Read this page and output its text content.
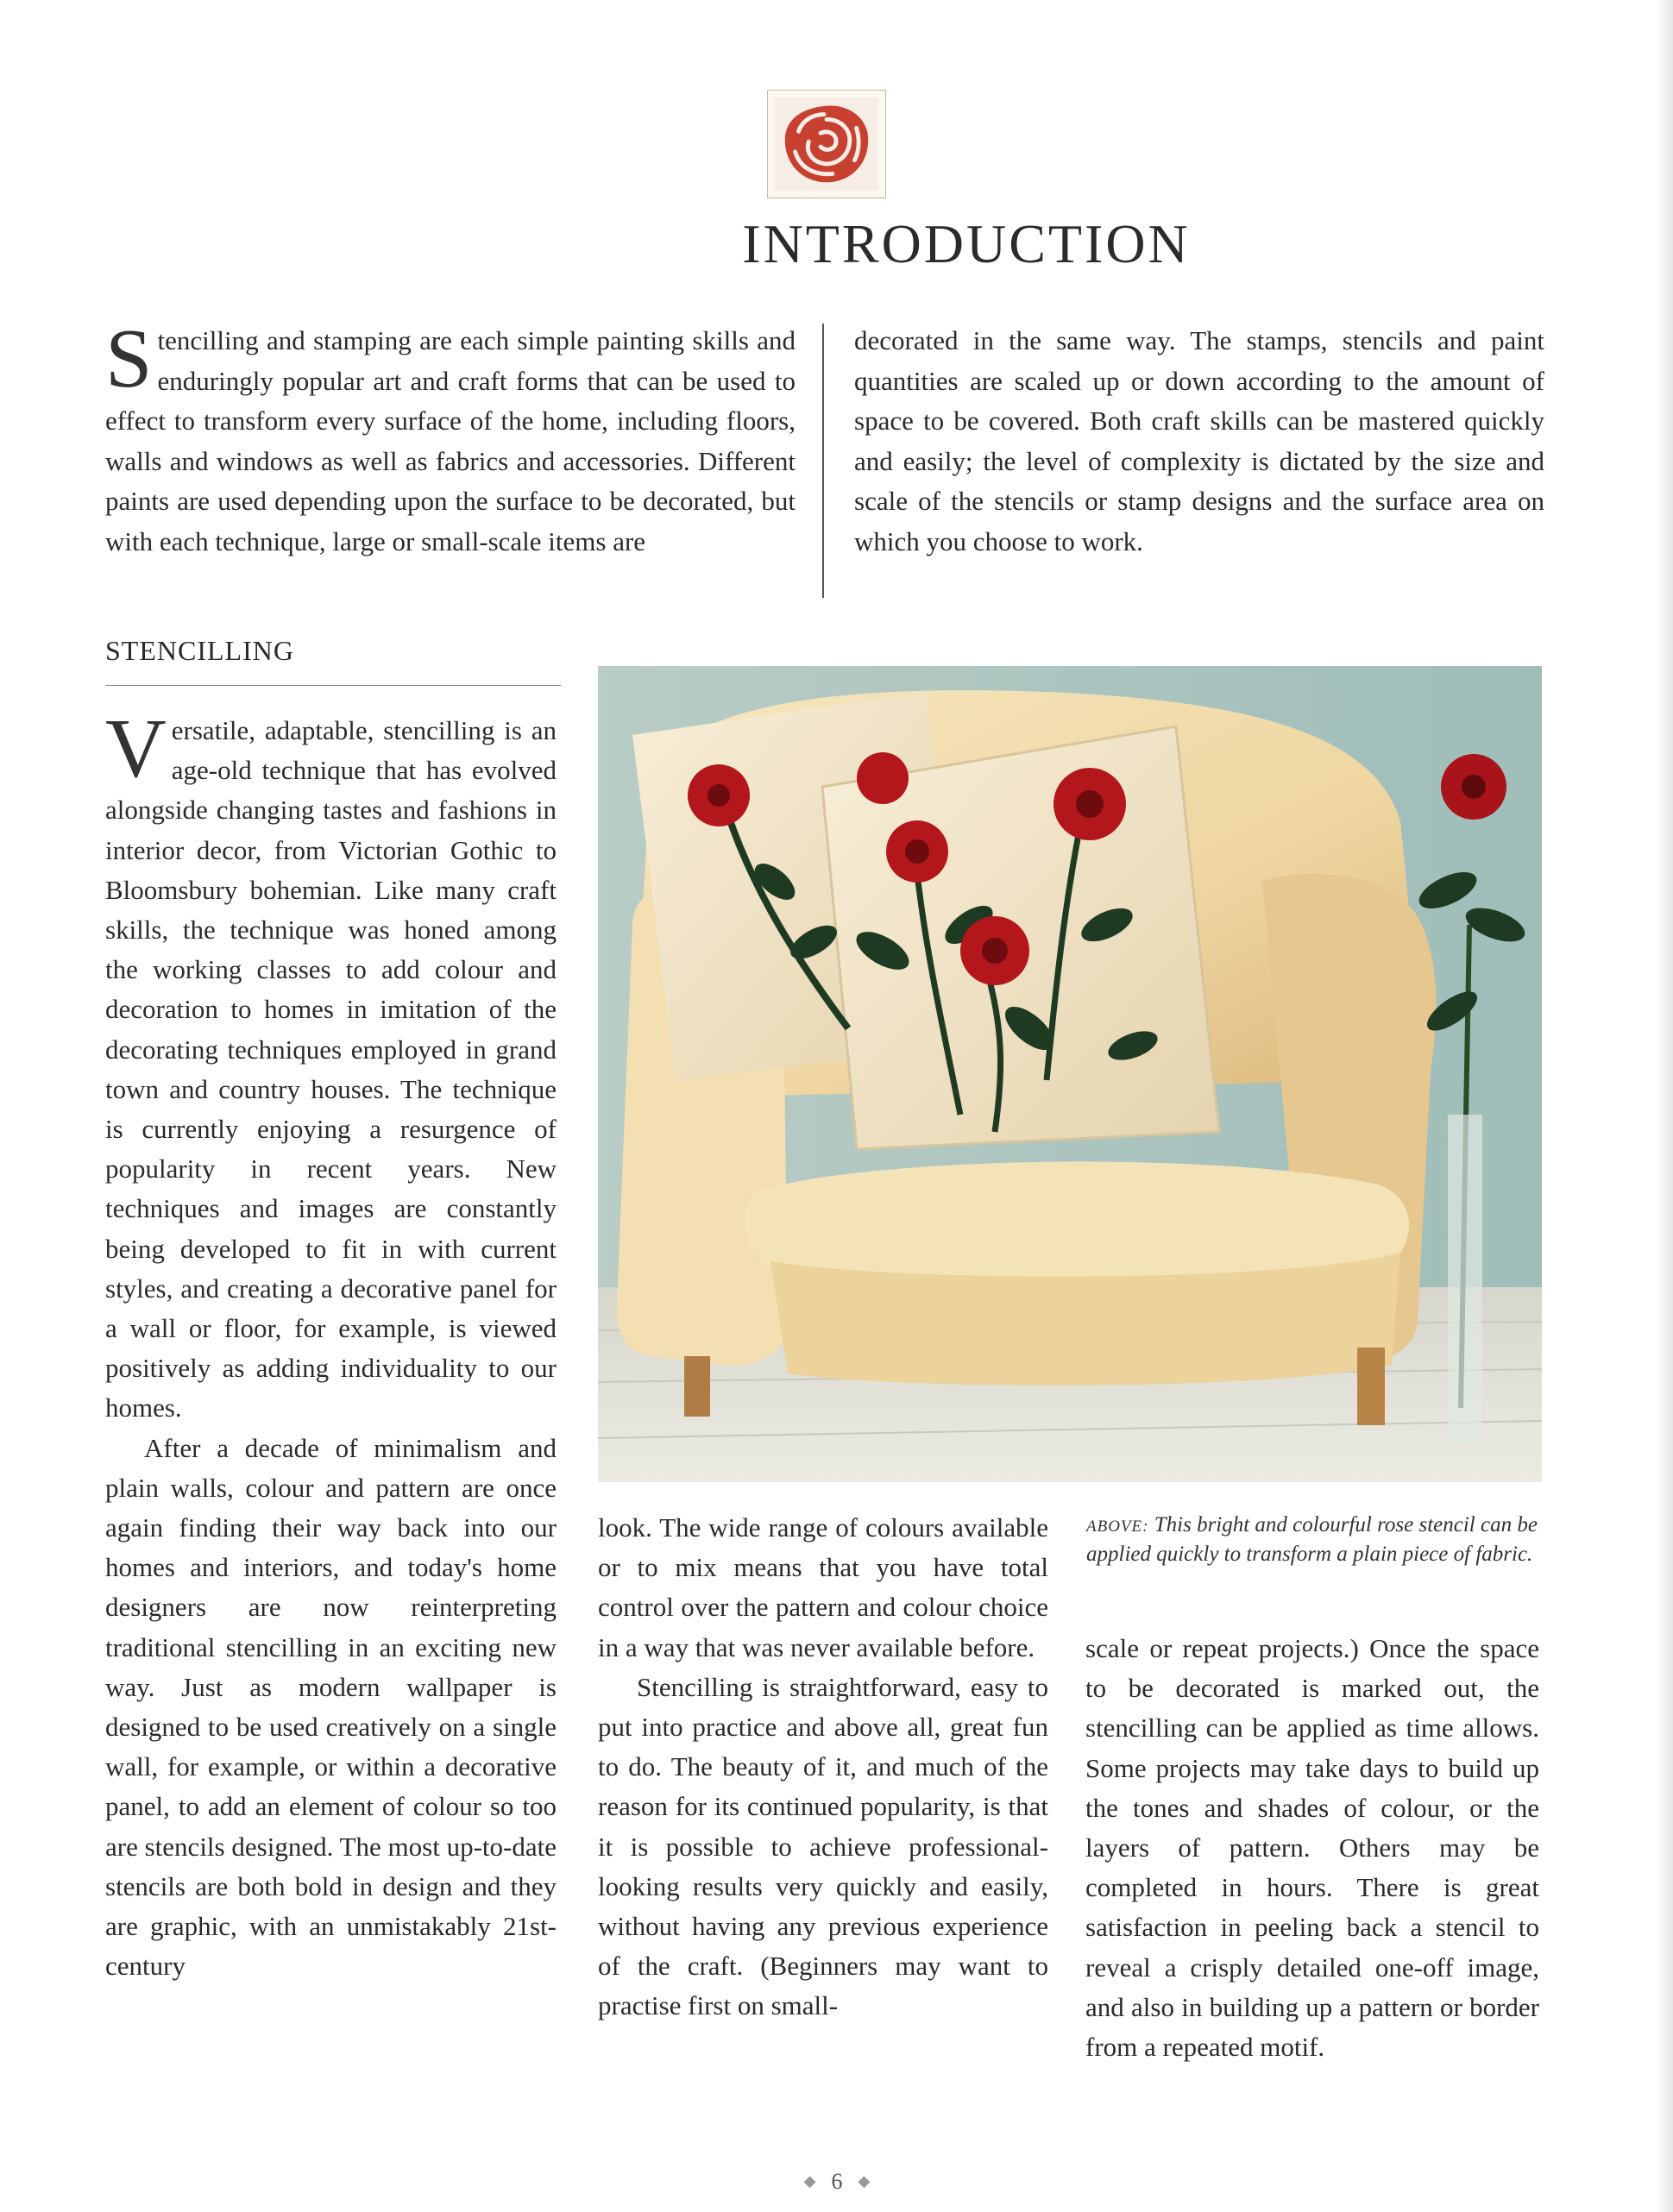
INTRODUCTION
Stencilling and stamping are each simple painting skills and enduringly popular art and craft forms that can be used to effect to transform every surface of the home, including floors, walls and windows as well as fabrics and accessories. Different paints are used depending upon the surface to be decorated, but with each technique, large or small-scale items are
decorated in the same way. The stamps, stencils and paint quantities are scaled up or down according to the amount of space to be covered. Both craft skills can be mastered quickly and easily; the level of complexity is dictated by the size and scale of the stencils or stamp designs and the surface area on which you choose to work.
STENCILLING

Versatile, adaptable, stencilling is an age-old technique that has evolved alongside changing tastes and fashions in interior decor, from Victorian Gothic to Bloomsbury bohemian. Like many craft skills, the technique was honed among the working classes to add colour and decoration to homes in imitation of the decorating techniques employed in grand town and country houses. The technique is currently enjoying a resurgence of popularity in recent years. New techniques and images are constantly being developed to fit in with current styles, and creating a decorative panel for a wall or floor, for example, is viewed positively as adding individuality to our homes.

After a decade of minimalism and plain walls, colour and pattern are once again finding their way back into our homes and interiors, and today's home designers are now reinterpreting traditional stencilling in an exciting new way. Just as modern wallpaper is designed to be used creatively on a single wall, for example, or within a decorative panel, to add an element of colour so too are stencils designed. The most up-to-date stencils are both bold in design and they are graphic, with an unmistakably 21st-century

look. The wide range of colours available or to mix means that you have total control over the pattern and colour choice in a way that was never available before.

Stencilling is straightforward, easy to put into practice and above all, great fun to do. The beauty of it, and much of the reason for its continued popularity, is that it is possible to achieve professional-looking results very quickly and easily, without having any previous experience of the craft. (Beginners may want to practise first on small-

ABOVE: This bright and colourful rose stencil can be applied quickly to transform a plain piece of fabric.

scale or repeat projects.) Once the space to be decorated is marked out, the stencilling can be applied as time allows. Some projects may take days to build up the tones and shades of colour, or the layers of pattern. Others may be completed in hours. There is great satisfaction in peeling back a stencil to reveal a crisply detailed one-off image, and also in building up a pattern or border from a repeated motif.

◆ 6 ◆
